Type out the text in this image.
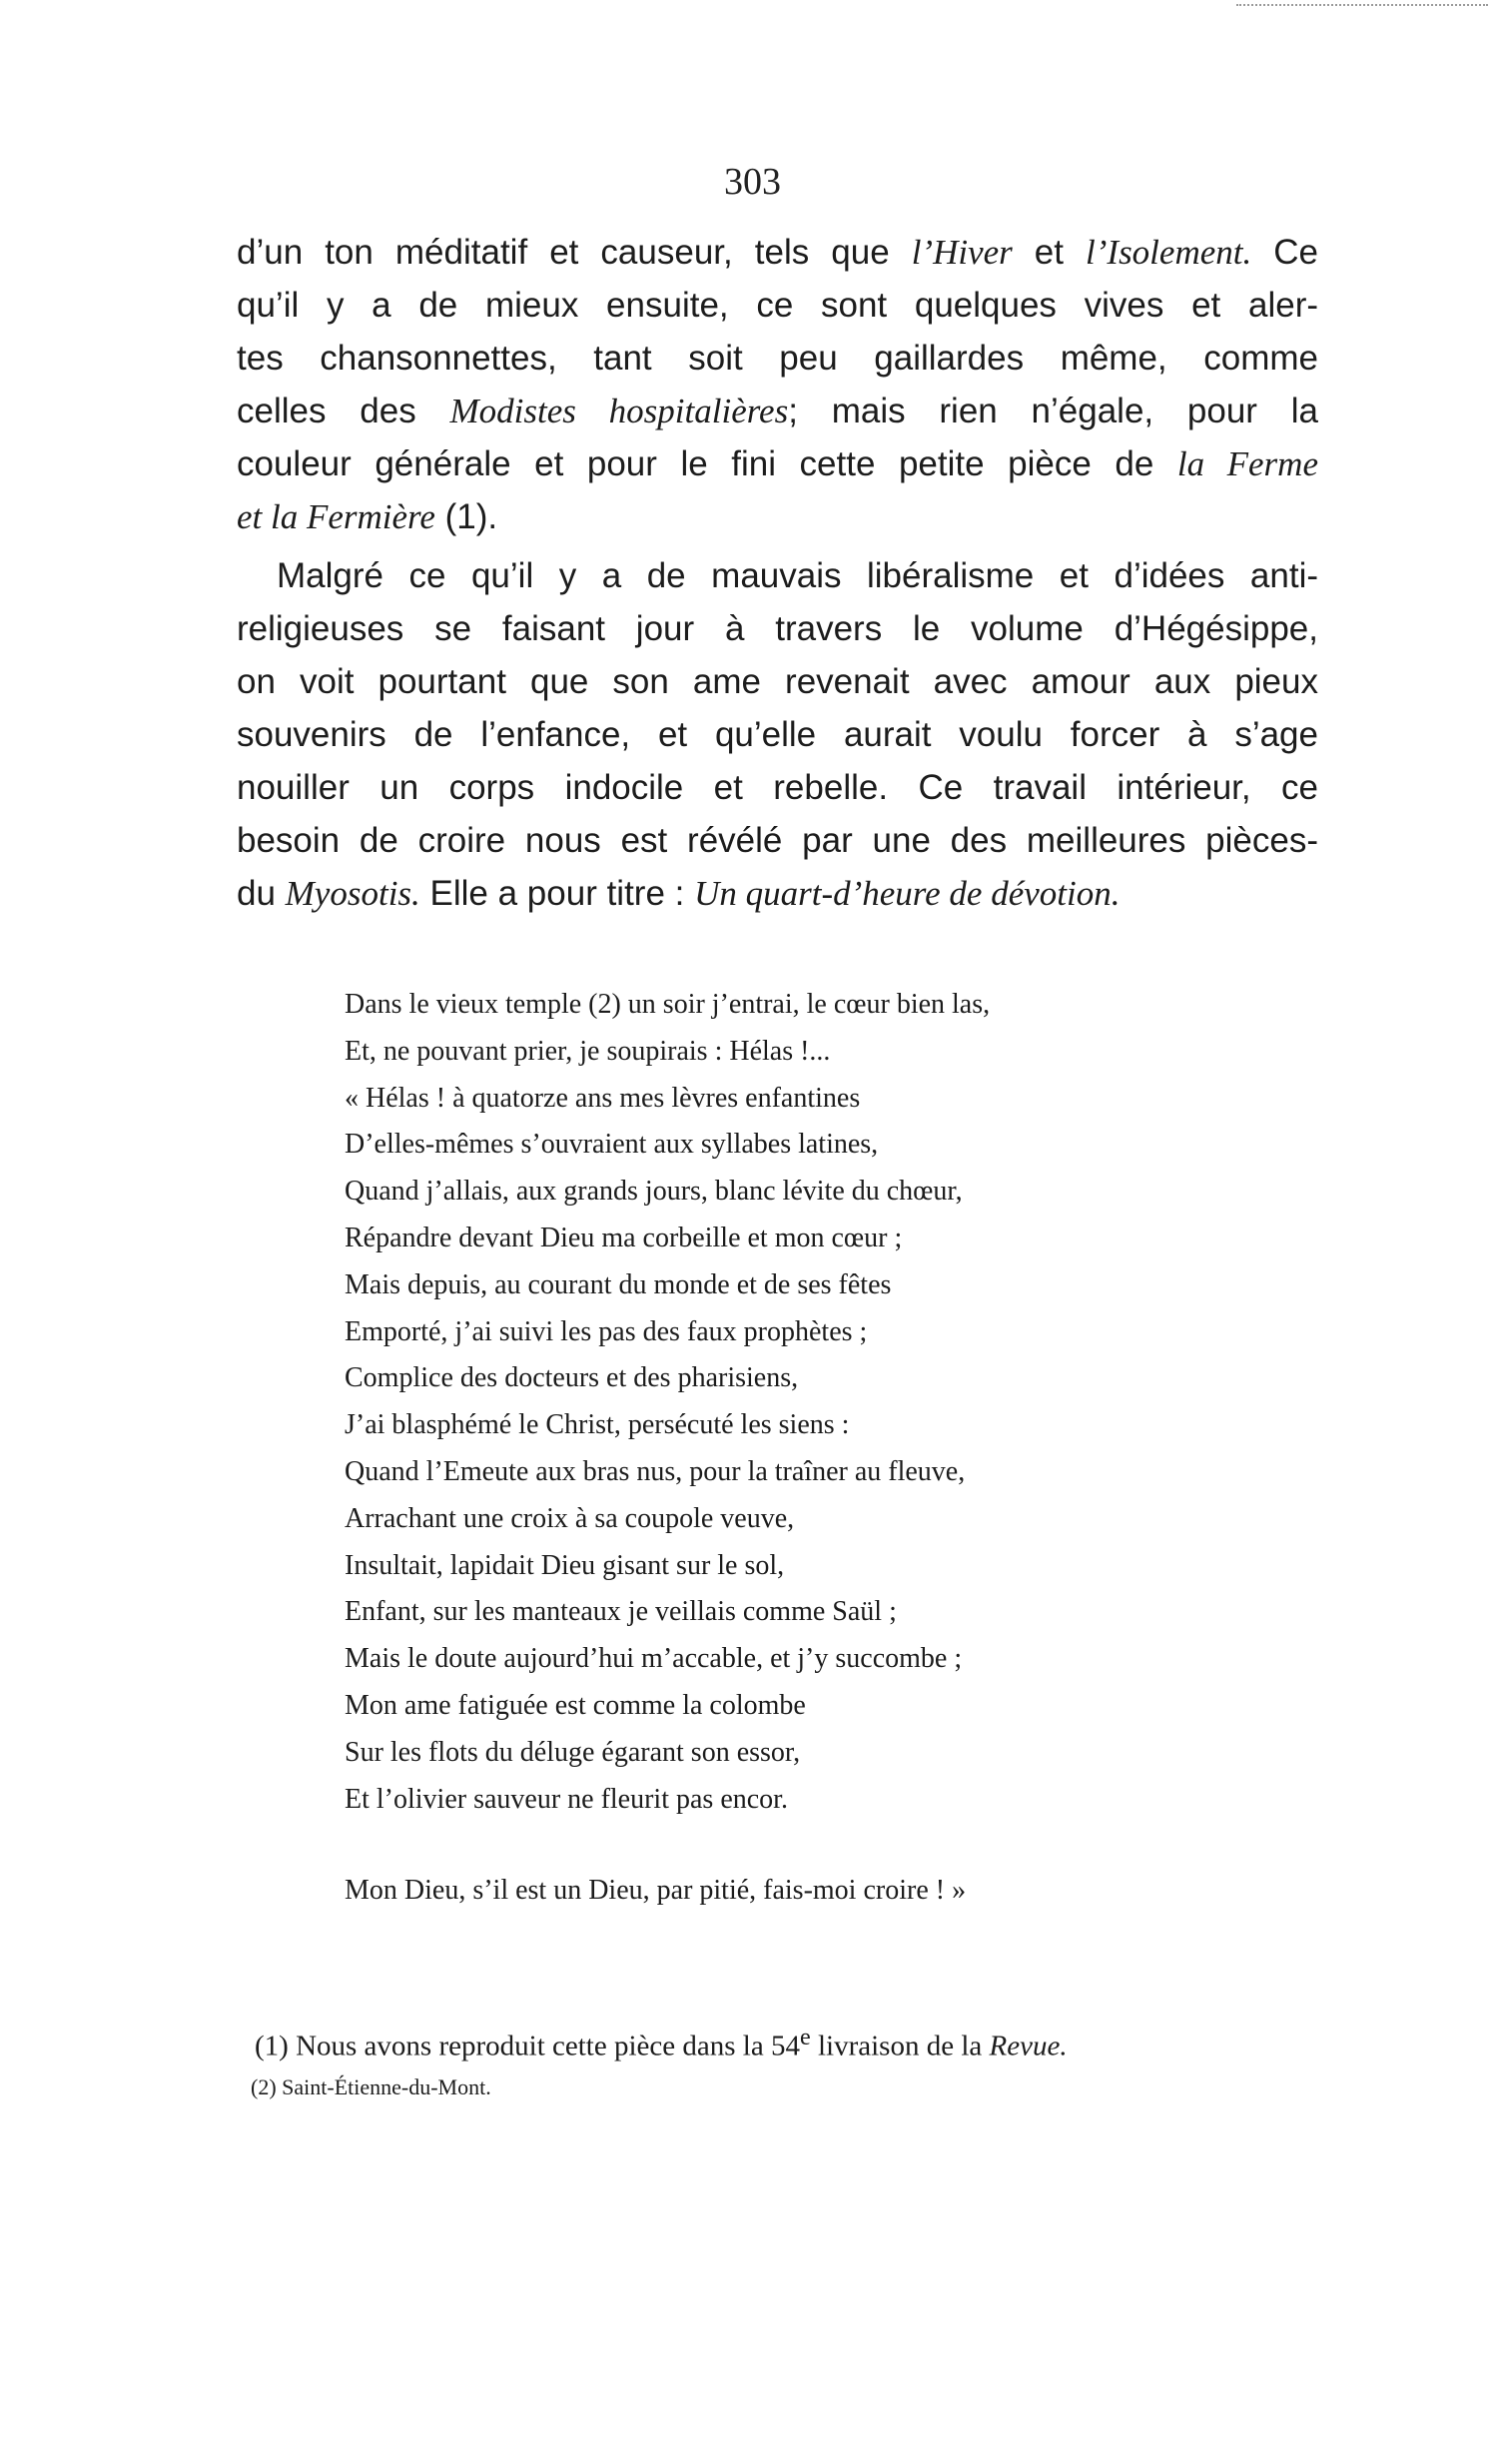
303
d’un ton méditatif et causeur, tels que l’Hiver et l’Isolement. Ce
qu’il y a de mieux ensuite, ce sont quelques vives et aler-
tes chansonnettes, tant soit peu gaillardes même, comme
celles des Modistes hospitalières; mais rien n’égale, pour la
couleur générale et pour le fini cette petite pièce de la Ferme
et la Fermière (1).
Malgré ce qu’il y a de mauvais libéralisme et d’idées anti-
religieuses se faisant jour à travers le volume d’Hégésippe,
on voit pourtant que son ame revenait avec amour aux pieux
souvenirs de l’enfance, et qu’elle aurait voulu forcer à s’age
nouiller un corps indocile et rebelle. Ce travail intérieur, ce
besoin de croire nous est révélé par une des meilleures pièces-
du Myosotis. Elle a pour titre : Un quart-d’heure de dévotion.
Dans le vieux temple (2) un soir j’entrai, le cœur bien las,
Et, ne pouvant prier, je soupirais : Hélas !...
« Hélas ! à quatorze ans mes lèvres enfantines
D’elles-mêmes s’ouvraient aux syllabes latines,
Quand j’allais, aux grands jours, blanc lévite du chœur,
Répandre devant Dieu ma corbeille et mon cœur ;
Mais depuis, au courant du monde et de ses fêtes
Emporté, j’ai suivi les pas des faux prophètes ;
Complice des docteurs et des pharisiens,
J’ai blasphémé le Christ, persécuté les siens :
Quand l’Emeute aux bras nus, pour la traîner au fleuve,
Arrachant une croix à sa coupole veuve,
Insultait, lapidait Dieu gisant sur le sol,
Enfant, sur les manteaux je veillais comme Saül ;
Mais le doute aujourd’hui m’accable, et j’y succombe ;
Mon ame fatiguée est comme la colombe
Sur les flots du déluge égarant son essor,
Et l’olivier sauveur ne fleurit pas encor.
Mon Dieu, s’il est un Dieu, par pitié, fais-moi croire ! »
(1) Nous avons reproduit cette pièce dans la 54e livraison de la Revue.
(2) Saint-Étienne-du-Mont.
